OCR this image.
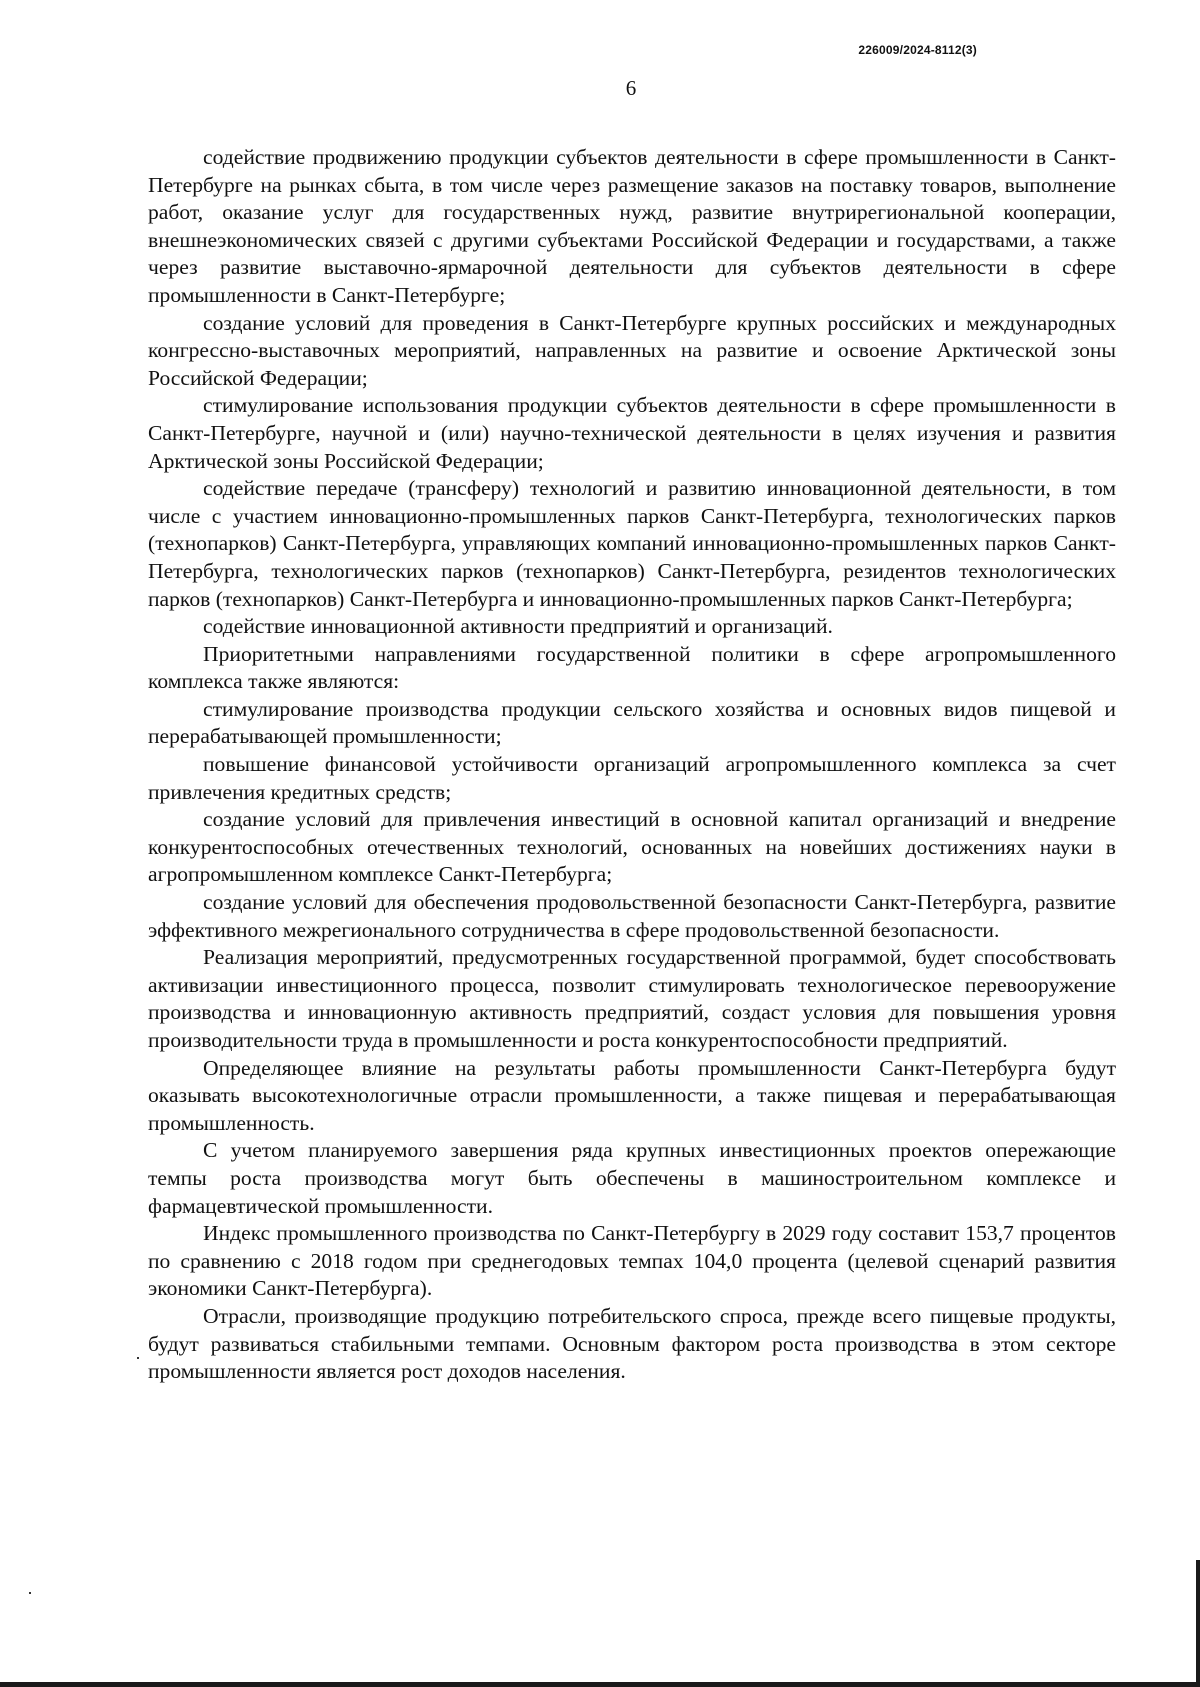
226009/2024-8112(3)
6

содействие продвижению продукции субъектов деятельности в сфере промышленности в Санкт-Петербурге на рынках сбыта, в том числе через размещение заказов на поставку товаров, выполнение работ, оказание услуг для государственных нужд, развитие внутрирегиональной кооперации, внешнеэкономических связей с другими субъектами Российской Федерации и государствами, а также через развитие выставочно-ярмарочной деятельности для субъектов деятельности в сфере промышленности в Санкт-Петербурге;

создание условий для проведения в Санкт-Петербурге крупных российских и международных конгрессно-выставочных мероприятий, направленных на развитие и освоение Арктической зоны Российской Федерации;

стимулирование использования продукции субъектов деятельности в сфере промышленности в Санкт-Петербурге, научной и (или) научно-технической деятельности в целях изучения и развития Арктической зоны Российской Федерации;

содействие передаче (трансферу) технологий и развитию инновационной деятельности, в том числе с участием инновационно-промышленных парков Санкт-Петербурга, технологических парков (технопарков) Санкт-Петербурга, управляющих компаний инновационно-промышленных парков Санкт-Петербурга, технологических парков (технопарков) Санкт-Петербурга, резидентов технологических парков (технопарков) Санкт-Петербурга и инновационно-промышленных парков Санкт-Петербурга;

содействие инновационной активности предприятий и организаций.

Приоритетными направлениями государственной политики в сфере агропромышленного комплекса также являются:

стимулирование производства продукции сельского хозяйства и основных видов пищевой и перерабатывающей промышленности;

повышение финансовой устойчивости организаций агропромышленного комплекса за счет привлечения кредитных средств;

создание условий для привлечения инвестиций в основной капитал организаций и внедрение конкурентоспособных отечественных технологий, основанных на новейших достижениях науки в агропромышленном комплексе Санкт-Петербурга;

создание условий для обеспечения продовольственной безопасности Санкт-Петербурга, развитие эффективного межрегионального сотрудничества в сфере продовольственной безопасности.

Реализация мероприятий, предусмотренных государственной программой, будет способствовать активизации инвестиционного процесса, позволит стимулировать технологическое перевооружение производства и инновационную активность предприятий, создаст условия для повышения уровня производительности труда в промышленности и роста конкурентоспособности предприятий.

Определяющее влияние на результаты работы промышленности Санкт-Петербурга будут оказывать высокотехнологичные отрасли промышленности, а также пищевая и перерабатывающая промышленность.

С учетом планируемого завершения ряда крупных инвестиционных проектов опережающие темпы роста производства могут быть обеспечены в машиностроительном комплексе и фармацевтической промышленности.

Индекс промышленного производства по Санкт-Петербургу в 2029 году составит 153,7 процентов по сравнению с 2018 годом при среднегодовых темпах 104,0 процента (целевой сценарий развития экономики Санкт-Петербурга).

Отрасли, производящие продукцию потребительского спроса, прежде всего пищевые продукты, будут развиваться стабильными темпами. Основным фактором роста производства в этом секторе промышленности является рост доходов населения.
